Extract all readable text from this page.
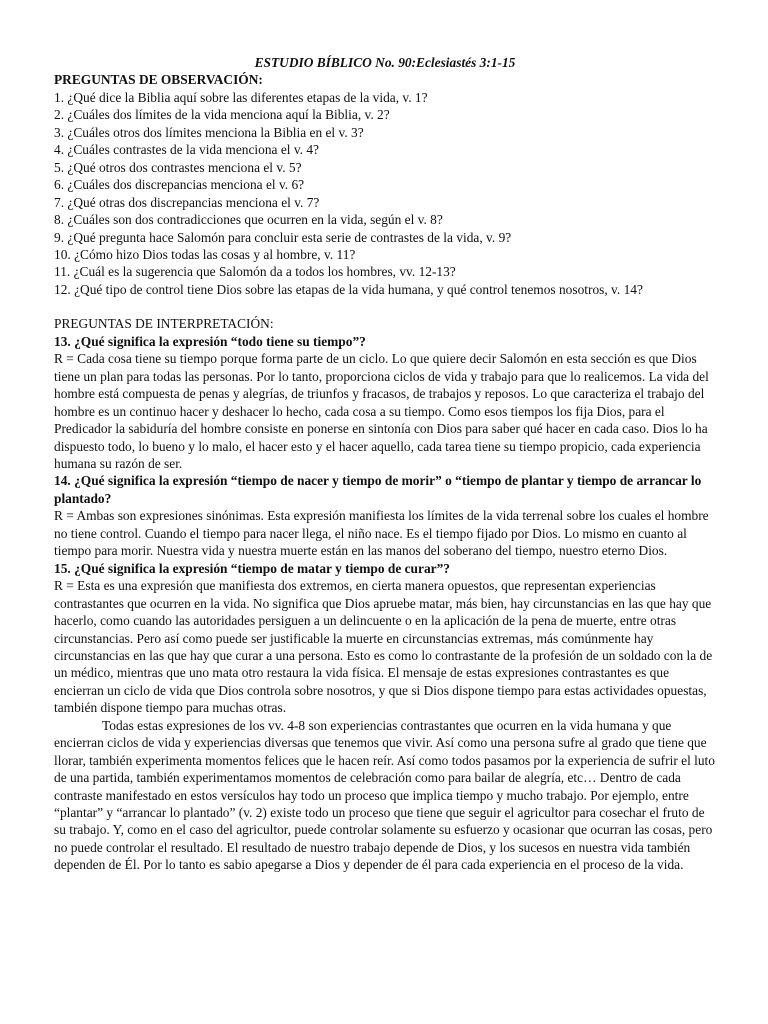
ESTUDIO BÍBLICO No. 90:Eclesiastés 3:1-15
PREGUNTAS DE OBSERVACIÓN:
1. ¿Qué dice la Biblia aquí sobre las diferentes etapas de la vida, v. 1?
2. ¿Cuáles dos límites de la vida menciona aquí la Biblia, v. 2?
3. ¿Cuáles otros dos límites menciona la Biblia en el v. 3?
4. ¿Cuáles contrastes de la vida menciona el v. 4?
5. ¿Qué otros dos contrastes menciona el v. 5?
6. ¿Cuáles dos discrepancias menciona el v. 6?
7. ¿Qué otras dos discrepancias menciona el v. 7?
8. ¿Cuáles son dos contradicciones que ocurren en la vida, según el v. 8?
9. ¿Qué pregunta hace Salomón para concluir esta serie de contrastes de la vida, v. 9?
10. ¿Cómo hizo Dios todas las cosas y al hombre, v. 11?
11. ¿Cuál es la sugerencia que Salomón da a todos los hombres, vv. 12-13?
12. ¿Qué tipo de control tiene Dios sobre las etapas de la vida humana, y qué control tenemos nosotros, v. 14?
PREGUNTAS DE INTERPRETACIÓN:

13. ¿Qué significa la expresión “todo tiene su tiempo”?

R = Cada cosa tiene su tiempo porque forma parte de un ciclo. Lo que quiere decir Salomón en esta sección es que Dios tiene un plan para todas las personas. Por lo tanto, proporciona ciclos de vida y trabajo para que lo realicemos. La vida del hombre está compuesta de penas y alegrías, de triunfos y fracasos, de trabajos y reposos. Lo que caracteriza el trabajo del hombre es un continuo hacer y deshacer lo hecho, cada cosa a su tiempo. Como esos tiempos los fija Dios, para el Predicador la sabiduría del hombre consiste en ponerse en sintonía con Dios para saber qué hacer en cada caso. Dios lo ha dispuesto todo, lo bueno y lo malo, el hacer esto y el hacer aquello, cada tarea tiene su tiempo propicio, cada experiencia humana su razón de ser.

14. ¿Qué significa la expresión “tiempo de nacer y tiempo de morir” o “tiempo de plantar y tiempo de arrancar lo plantado?

R = Ambas son expresiones sinónimas. Esta expresión manifiesta los límites de la vida terrenal sobre los cuales el hombre no tiene control. Cuando el tiempo para nacer llega, el niño nace. Es el tiempo fijado por Dios. Lo mismo en cuanto al tiempo para morir. Nuestra vida y nuestra muerte están en las manos del soberano del tiempo, nuestro eterno Dios.

15. ¿Qué significa la expresión “tiempo de matar y tiempo de curar”?

R = Esta es una expresión que manifiesta dos extremos, en cierta manera opuestos, que representan experiencias contrastantes que ocurren en la vida. No significa que Dios apruebe matar, más bien, hay circunstancias en las que hay que hacerlo, como cuando las autoridades persiguen a un delincuente o en la aplicación de la pena de muerte, entre otras circunstancias. Pero así como puede ser justificable la muerte en circunstancias extremas, más comúnmente hay circunstancias en las que hay que curar a una persona. Esto es como lo contrastante de la profesión de un soldado con la de un médico, mientras que uno mata otro restaura la vida física. El mensaje de estas expresiones contrastantes es que encierran un ciclo de vida que Dios controla sobre nosotros, y que si Dios dispone tiempo para estas actividades opuestas, también dispone tiempo para muchas otras.

Todas estas expresiones de los vv. 4-8 son experiencias contrastantes que ocurren en la vida humana y que encierran ciclos de vida y experiencias diversas que tenemos que vivir. Así como una persona sufre al grado que tiene que llorar, también experimenta momentos felices que le hacen reír. Así como todos pasamos por la experiencia de sufrir el luto de una partida, también experimentamos momentos de celebración como para bailar de alegría, etc… Dentro de cada contraste manifestado en estos versículos hay todo un proceso que implica tiempo y mucho trabajo. Por ejemplo, entre “plantar” y “arrancar lo plantado” (v. 2) existe todo un proceso que tiene que seguir el agricultor para cosechar el fruto de su trabajo. Y, como en el caso del agricultor, puede controlar solamente su esfuerzo y ocasionar que ocurran las cosas, pero no puede controlar el resultado. El resultado de nuestro trabajo depende de Dios, y los sucesos en nuestra vida también dependen de Él. Por lo tanto es sabio apegarse a Dios y depender de él para cada experiencia en el proceso de la vida.
